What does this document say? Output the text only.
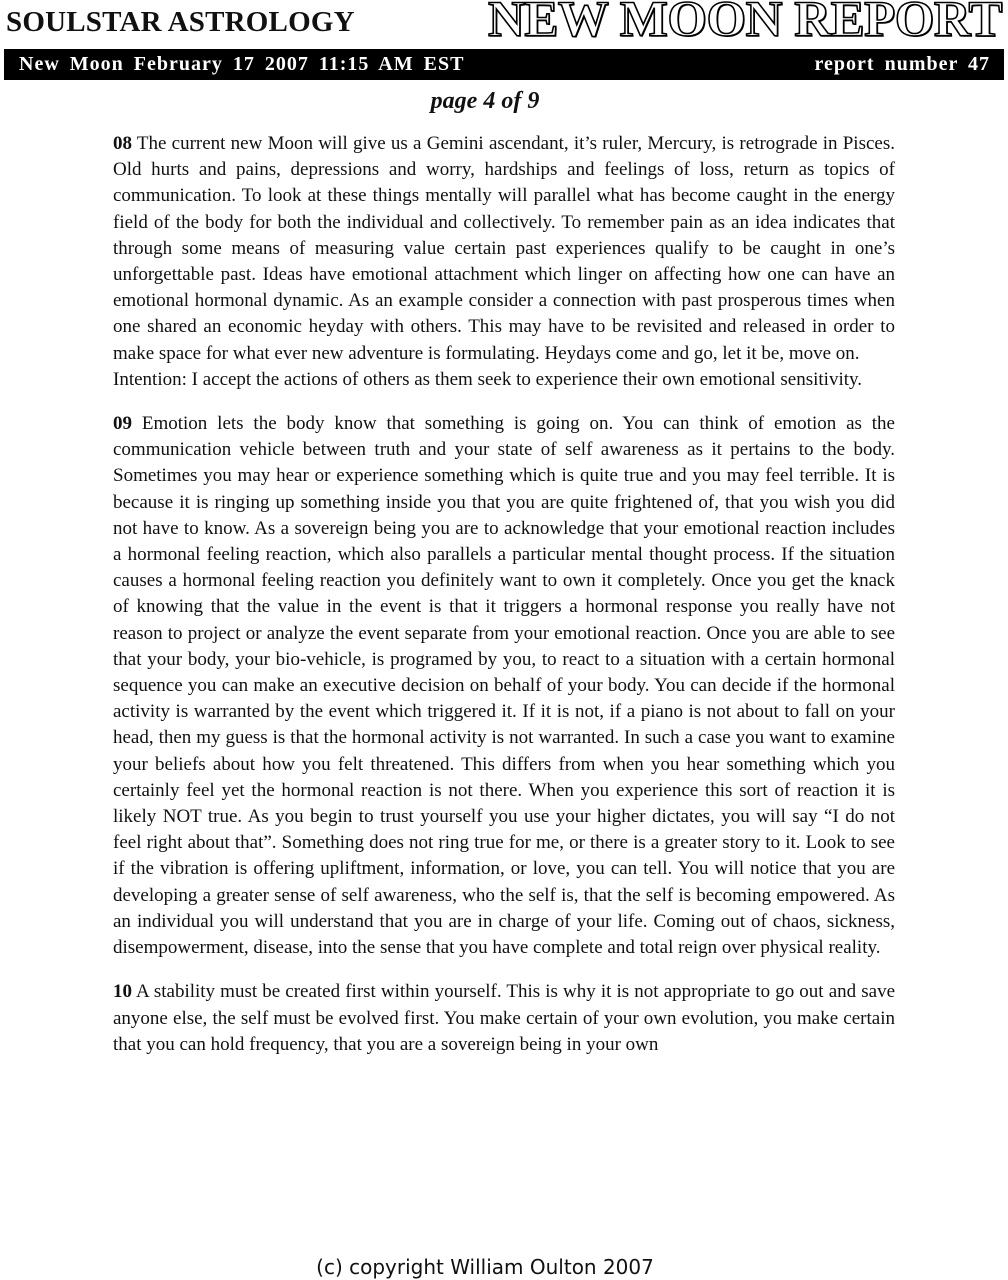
SOULSTAR ASTROLOGY	NEW MOON REPORT
New Moon February 17 2007 11:15 AM EST	report number 47
page 4 of 9

08 The current new Moon will give us a Gemini ascendant, it’s ruler, Mercury, is retrograde in Pisces. Old hurts and pains, depressions and worry, hardships and feelings of loss, return as topics of communication. To look at these things mentally will parallel what has become caught in the energy field of the body for both the individual and collectively. To remember pain as an idea indicates that through some means of measuring value certain past experiences qualify to be caught in one’s unforgettable past. Ideas have emotional attachment which linger on affecting how one can have an emotional hormonal dynamic. As an example consider a connection with past prosperous times when one shared an economic heyday with others. This may have to be revisited and released in order to make space for what ever new adventure is formulating. Heydays come and go, let it be, move on.

Intention: I accept the actions of others as them seek to experience their own emotional sensitivity.

09 Emotion lets the body know that something is going on. You can think of emotion as the communication vehicle between truth and your state of self awareness as it pertains to the body. Sometimes you may hear or experience something which is quite true and you may feel terrible. It is because it is ringing up something inside you that you are quite frightened of, that you wish you did not have to know. As a sovereign being you are to acknowledge that your emotional reaction includes a hormonal feeling reaction, which also parallels a particular mental thought process. If the situation causes a hormonal feeling reaction you definitely want to own it completely. Once you get the knack of knowing that the value in the event is that it triggers a hormonal response you really have not reason to project or analyze the event separate from your emotional reaction. Once you are able to see that your body, your bio-vehicle, is programed by you, to react to a situation with a certain hormonal sequence you can make an executive decision on behalf of your body. You can decide if the hormonal activity is warranted by the event which triggered it. If it is not, if a piano is not about to fall on your head, then my guess is that the hormonal activity is not warranted. In such a case you want to examine your beliefs about how you felt threatened. This differs from when you hear something which you certainly feel yet the hormonal reaction is not there. When you experience this sort of reaction it is likely NOT true. As you begin to trust yourself you use your higher dictates, you will say “I do not feel right about that”. Something does not ring true for me, or there is a greater story to it. Look to see if the vibration is offering upliftment, information, or love, you can tell. You will notice that you are developing a greater sense of self awareness, who the self is, that the self is becoming empowered. As an individual you will understand that you are in charge of your life. Coming out of chaos, sickness, disempowerment, disease, into the sense that you have complete and total reign over physical reality.

10 A stability must be created first within yourself. This is why it is not appropriate to go out and save anyone else, the self must be evolved first. You make certain of your own evolution, you make certain that you can hold frequency, that you are a sovereign being in your own

(c) copyright William Oulton 2007
